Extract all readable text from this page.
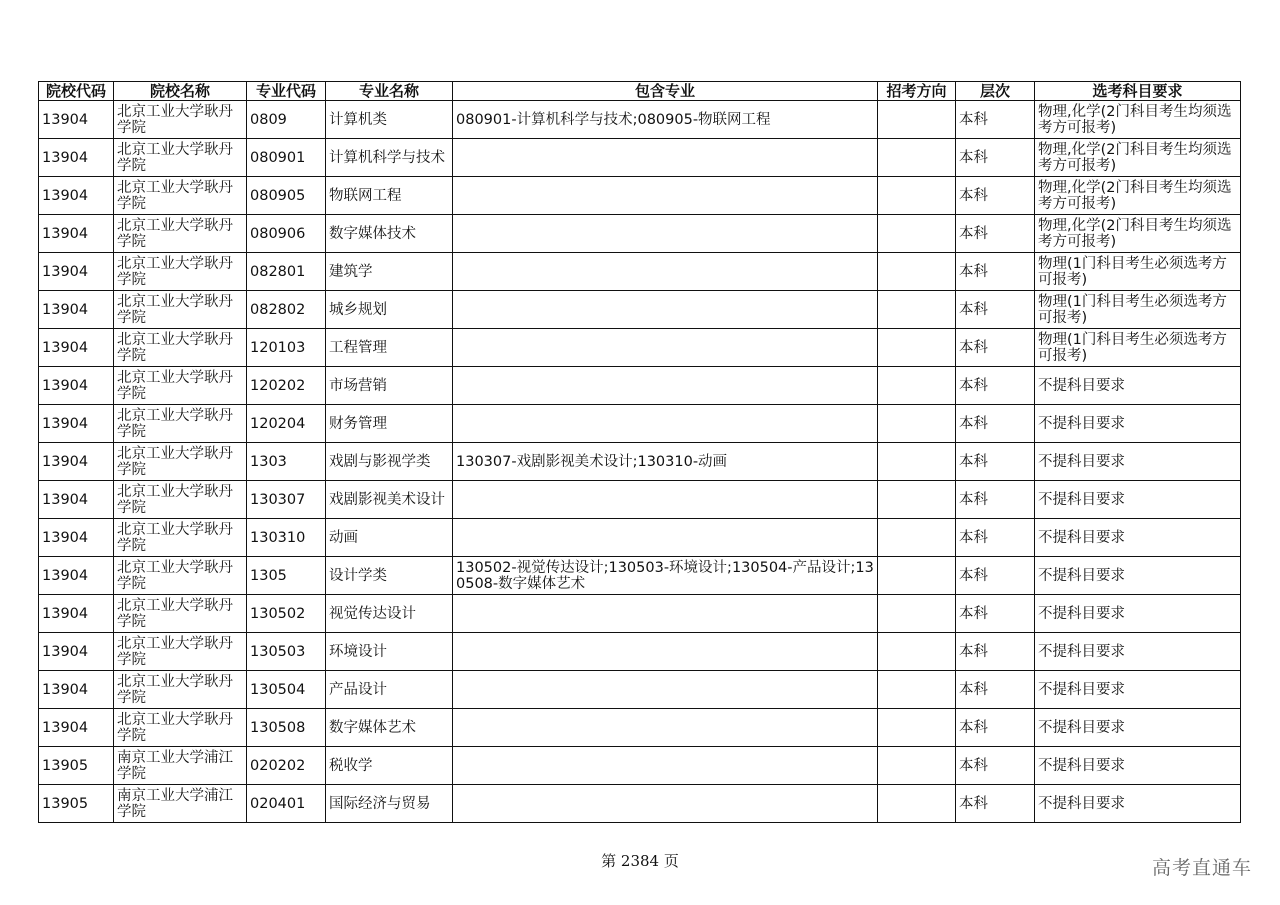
院校代码	院校名称	专业代码	专业名称	包含专业	招考方向	层次	选考科目要求
13904	北京工业大学耿丹学院	0809	计算机类	080901-计算机科学与技术;080905-物联网工程		本科	物理,化学(2门科目考生均须选考方可报考)
13904	北京工业大学耿丹学院	080901	计算机科学与技术			本科	物理,化学(2门科目考生均须选考方可报考)
13904	北京工业大学耿丹学院	080905	物联网工程			本科	物理,化学(2门科目考生均须选考方可报考)
13904	北京工业大学耿丹学院	080906	数字媒体技术			本科	物理,化学(2门科目考生均须选考方可报考)
13904	北京工业大学耿丹学院	082801	建筑学			本科	物理(1门科目考生必须选考方可报考)
13904	北京工业大学耿丹学院	082802	城乡规划			本科	物理(1门科目考生必须选考方可报考)
13904	北京工业大学耿丹学院	120103	工程管理			本科	物理(1门科目考生必须选考方可报考)
13904	北京工业大学耿丹学院	120202	市场营销			本科	不提科目要求
13904	北京工业大学耿丹学院	120204	财务管理			本科	不提科目要求
13904	北京工业大学耿丹学院	1303	戏剧与影视学类	130307-戏剧影视美术设计;130310-动画		本科	不提科目要求
13904	北京工业大学耿丹学院	130307	戏剧影视美术设计			本科	不提科目要求
13904	北京工业大学耿丹学院	130310	动画			本科	不提科目要求
13904	北京工业大学耿丹学院	1305	设计学类	130502-视觉传达设计;130503-环境设计;130504-产品设计;130508-数字媒体艺术		本科	不提科目要求
13904	北京工业大学耿丹学院	130502	视觉传达设计			本科	不提科目要求
13904	北京工业大学耿丹学院	130503	环境设计			本科	不提科目要求
13904	北京工业大学耿丹学院	130504	产品设计			本科	不提科目要求
13904	北京工业大学耿丹学院	130508	数字媒体艺术			本科	不提科目要求
13905	南京工业大学浦江学院	020202	税收学			本科	不提科目要求
13905	南京工业大学浦江学院	020401	国际经济与贸易			本科	不提科目要求
第 2384 页	高考直通车
